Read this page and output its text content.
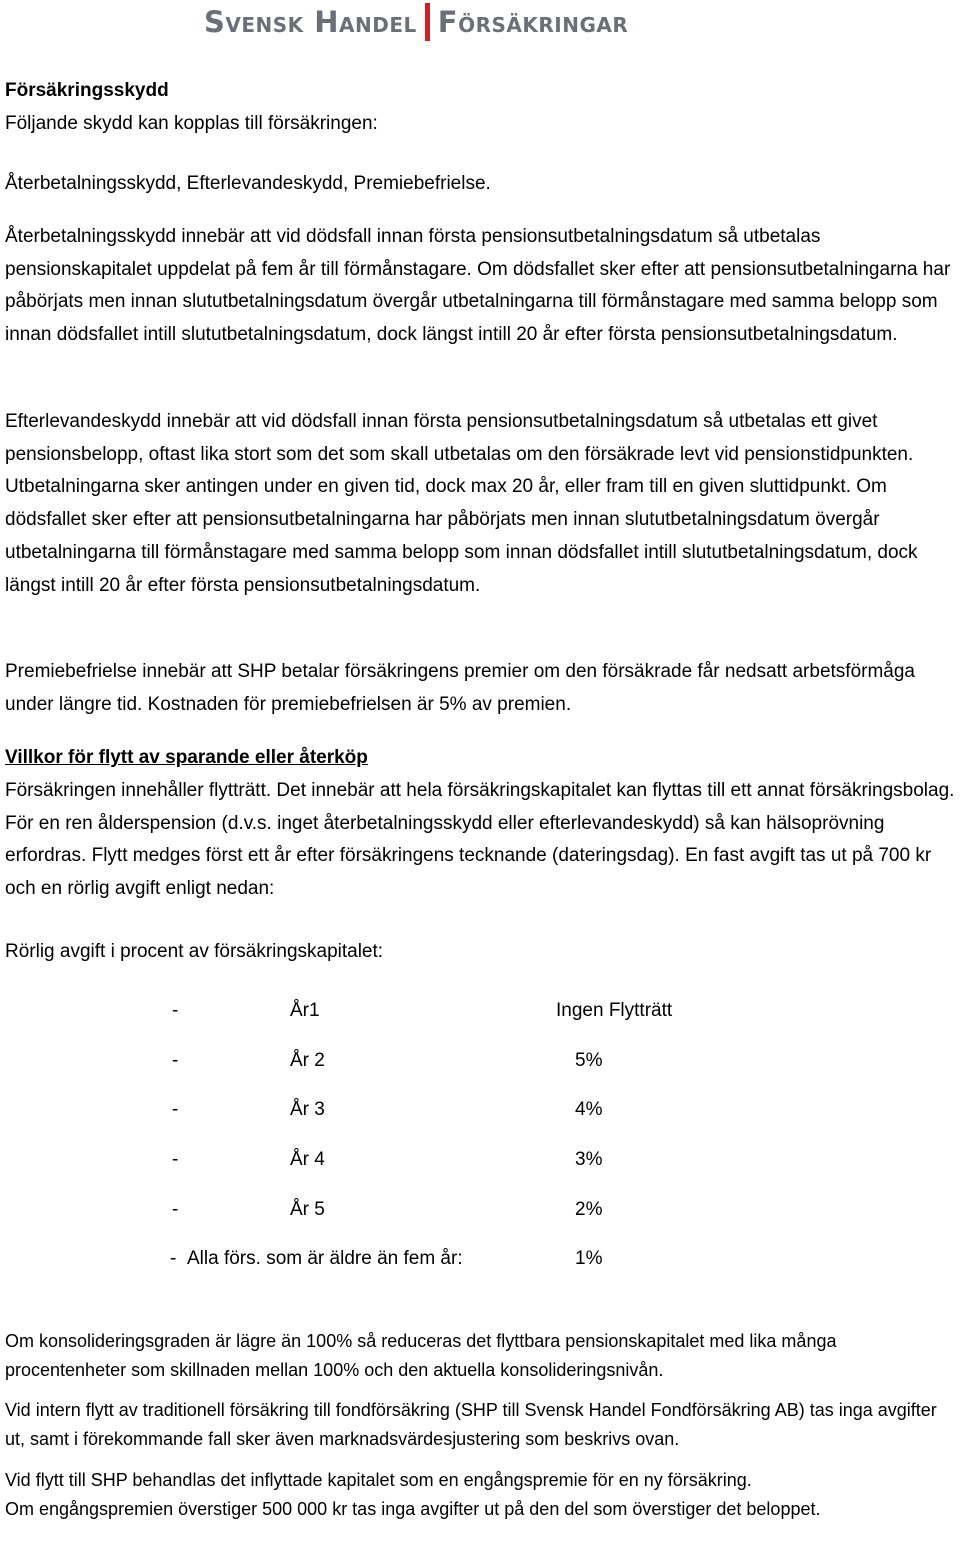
Svensk Handel Försäkringar

Försäkringsskydd

Följande skydd kan kopplas till försäkringen:

Återbetalningsskydd, Efterlevandeskydd, Premiebefrielse.

Återbetalningsskydd innebär att vid dödsfall innan första pensionsutbetalningsdatum så utbetalas pensionskapitalet uppdelat på fem år till förmånstagare. Om dödsfallet sker efter att pensionsutbetalningarna har påbörjats men innan slututbetalningsdatum övergår utbetalningarna till förmånstagare med samma belopp som innan dödsfallet intill slututbetalningsdatum, dock längst intill 20 år efter första pensionsutbetalningsdatum.

Efterlevandeskydd innebär att vid dödsfall innan första pensionsutbetalningsdatum så utbetalas ett givet pensionsbelopp, oftast lika stort som det som skall utbetalas om den försäkrade levt vid pensionstidpunkten. Utbetalningarna sker antingen under en given tid, dock max 20 år, eller fram till en given sluttidpunkt. Om dödsfallet sker efter att pensionsutbetalningarna har påbörjats men innan slututbetalningsdatum övergår utbetalningarna till förmånstagare med samma belopp som innan dödsfallet intill slututbetalningsdatum, dock längst intill 20 år efter första pensionsutbetalningsdatum.

Premiebefrielse innebär att SHP betalar försäkringens premier om den försäkrade får nedsatt arbetsförmåga under längre tid. Kostnaden för premiebefrielsen är 5% av premien.

Villkor för flytt av sparande eller återköp

Försäkringen innehåller flytträtt. Det innebär att hela försäkringskapitalet kan flyttas till ett annat försäkringsbolag. För en ren ålderspension (d.v.s. inget återbetalningsskydd eller efterlevandeskydd) så kan hälsoprövning erfordras. Flytt medges först ett år efter försäkringens tecknande (dateringsdag). En fast avgift tas ut på 700 kr och en rörlig avgift enligt nedan:

Rörlig avgift i procent av försäkringskapitalet:

-	År1	Ingen Flytträtt
-	År 2	5%
-	År 3	4%
-	År 4	3%
-	År 5	2%
- Alla förs. som är äldre än fem år:	1%

Om konsolideringsgraden är lägre än 100% så reduceras det flyttbara pensionskapitalet med lika många procentenheter som skillnaden mellan 100% och den aktuella konsolideringsnivån.

Vid intern flytt av traditionell försäkring till fondförsäkring (SHP till Svensk Handel Fondförsäkring AB) tas inga avgifter ut, samt i förekommande fall sker även marknadsvärdesjustering som beskrivs ovan.

Vid flytt till SHP behandlas det inflyttade kapitalet som en engångspremie för en ny försäkring.

Om engångspremien överstiger 500 000 kr tas inga avgifter ut på den del som överstiger det beloppet.
